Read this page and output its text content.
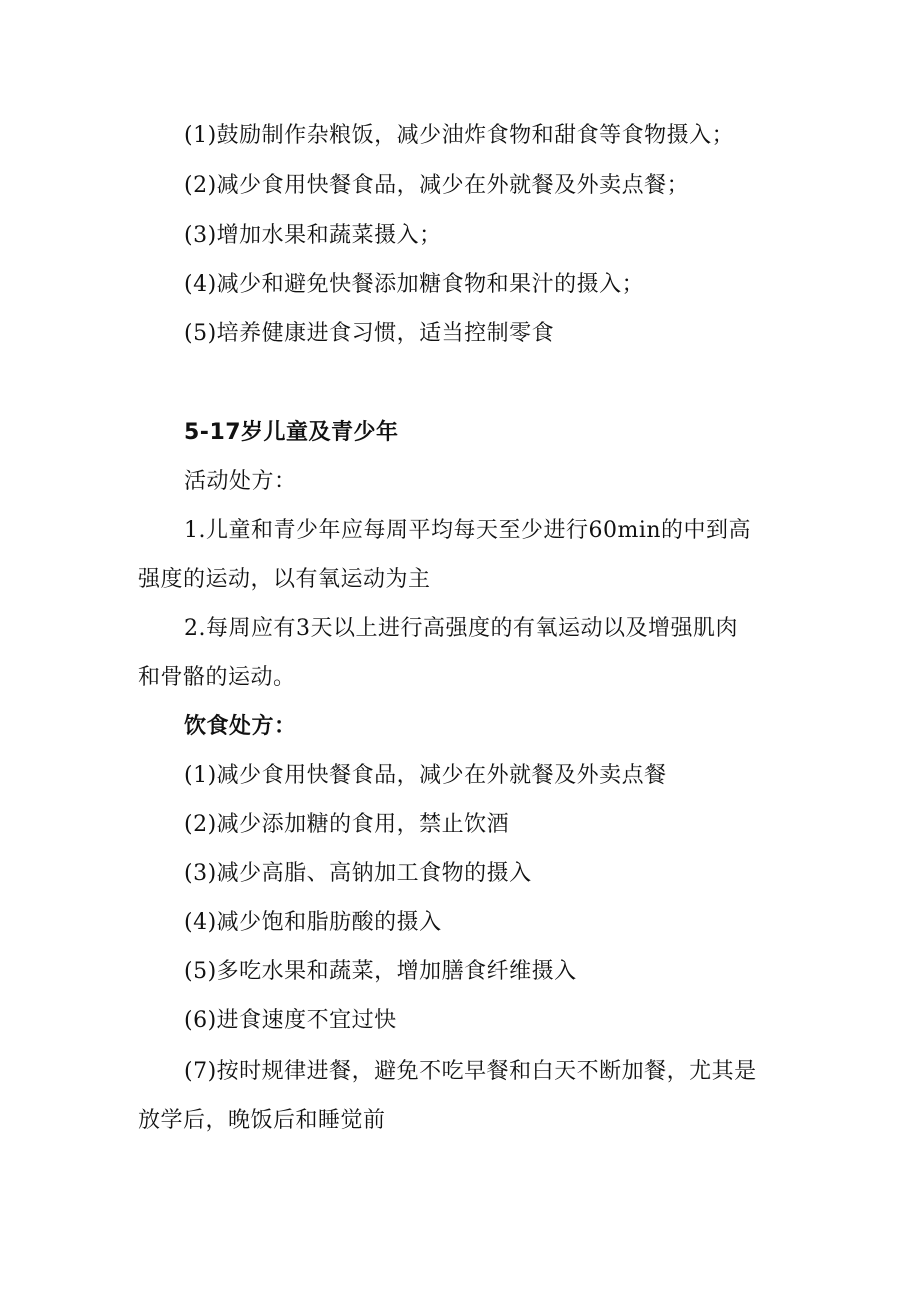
(1)鼓励制作杂粮饭，减少油炸食物和甜食等食物摄入；

(2)减少食用快餐食品，减少在外就餐及外卖点餐；

(3)增加水果和蔬菜摄入；

(4)减少和避免快餐添加糖食物和果汁的摄入；

(5)培养健康进食习惯，适当控制零食

5-17岁儿童及青少年

活动处方：

1.儿童和青少年应每周平均每天至少进行60min的中到高

强度的运动，以有氧运动为主

2.每周应有3天以上进行高强度的有氧运动以及增强肌肉

和骨骼的运动。

饮食处方：

(1)减少食用快餐食品，减少在外就餐及外卖点餐

(2)减少添加糖的食用，禁止饮酒

(3)减少高脂、高钠加工食物的摄入

(4)减少饱和脂肪酸的摄入

(5)多吃水果和蔬菜，增加膳食纤维摄入

(6)进食速度不宜过快

(7)按时规律进餐，避免不吃早餐和白天不断加餐，尤其是

放学后，晚饭后和睡觉前
